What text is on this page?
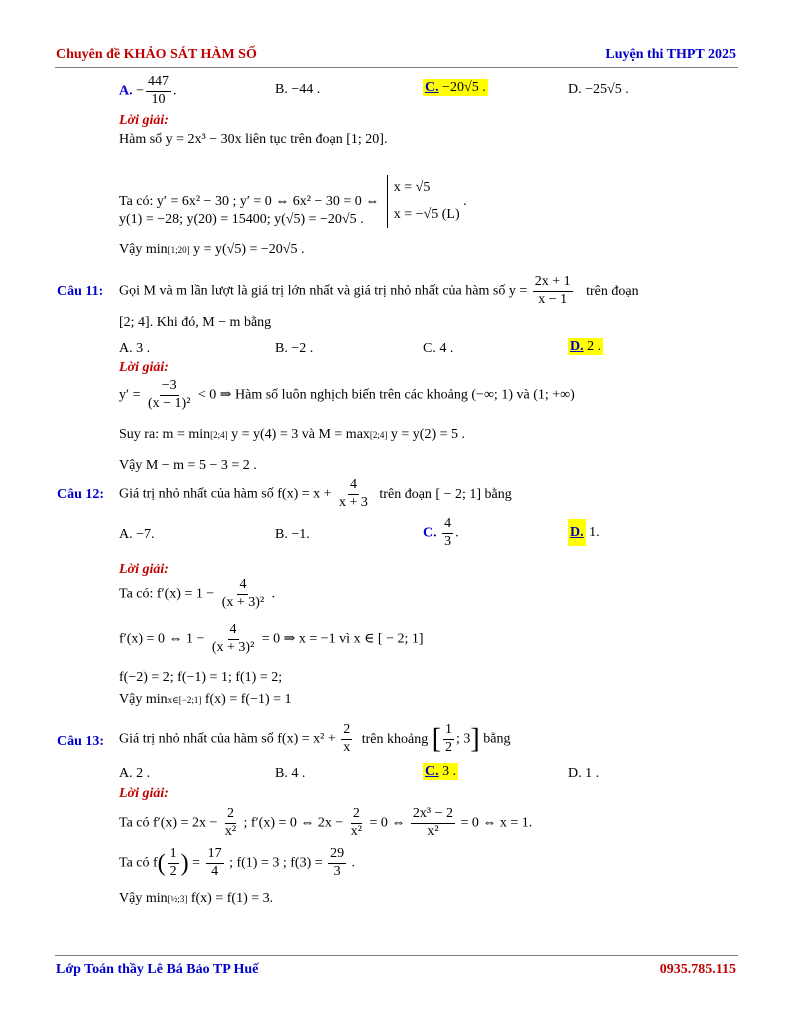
Chuyên đề KHẢO SÁT HÀM SỐ	Luyện thi THPT 2025
A. − $\frac{447}{10}$ .	B. −44 .	C. −20√5 .	D. −25√5 .
Lời giải:
Hàm số y = 2x³ − 30x liên tục trên đoạn [1; 20].
Ta có: y′ = 6x² − 30 ; y′ = 0 ⇔ 6x² − 30 = 0 ⇔
x = √5
x = −√5 (L)
.
y(1) = −28; y(20) = 15400; y(√5) = −20√5 .
Vậy min[1;20] y = y(√5) = −20√5 .
Câu 11: Gọi M và m lần lượt là giá trị lớn nhất và giá trị nhỏ nhất của hàm số $y = \frac{2x + 1}{x - 1}$ trên đoạn
[2; 4]. Khi đó, M − m bằng
A. 3 .	B. −2 .	C. 4 .	D. 2 .
Lời giải:
$y' = \frac{-3}{\text{(x − 1)²}} < 0$ ⇒ Hàm số luôn nghịch biến trên các khoảng (−∞; 1) và (1; +∞)
Suy ra: m = min[2;4] y = y(4) = 3 và M = max[2;4] y = y(2) = 5 .
Vậy M − m = 5 − 3 = 2 .
Câu 12: Giá trị nhỏ nhất của hàm số $f(x) = x + \frac{4}{x + 3}$ trên đoạn [ − 2; 1] bằng
A. −7.	B. −1.	C. $\frac{4}{3}$ .	D. 1.
Lời giải:
Ta có: $f'(x) = 1 - \frac{4}{\text{(x + 3)²}}$ .
f′(x) = 0 ⇔ $1 - \frac{4}{\text{(x + 3)²}} = 0$ ⇒ x = −1 vì x ∈ [ − 2; 1]
f(−2) = 2; f(−1) = 1; f(1) = 2;
Vậy minx∈[−2;1] f(x) = f(−1) = 1
Câu 13: Giá trị nhỏ nhất của hàm số $f(x) = x^2 + \frac{2}{x}$ trên khoảng [ $\frac{1}{2}$ ; 3] bằng
A. 2 .	B. 4 .	C. 3 .	D. 1 .
Lời giải:
Ta có $f'(x) = 2x - \frac{2}{\text{x²}}$ ; f′(x) = 0 ⇔ $2x - \frac{2}{\text{x²}} = 0$ ⇔ $\frac{\text{2x³ − 2}}{\text{x²}} = 0$ ⇔ x = 1.
Ta có $f( \frac{1}{2}$ ) = $\frac{17}{4}$ ; f(1) = 3 ; $f(3) = \frac{29}{3}$ .
Vậy min[½;3] f(x) = f(1) = 3.
Lớp Toán thầy Lê Bá Bảo TP Huế	0935.785.115
